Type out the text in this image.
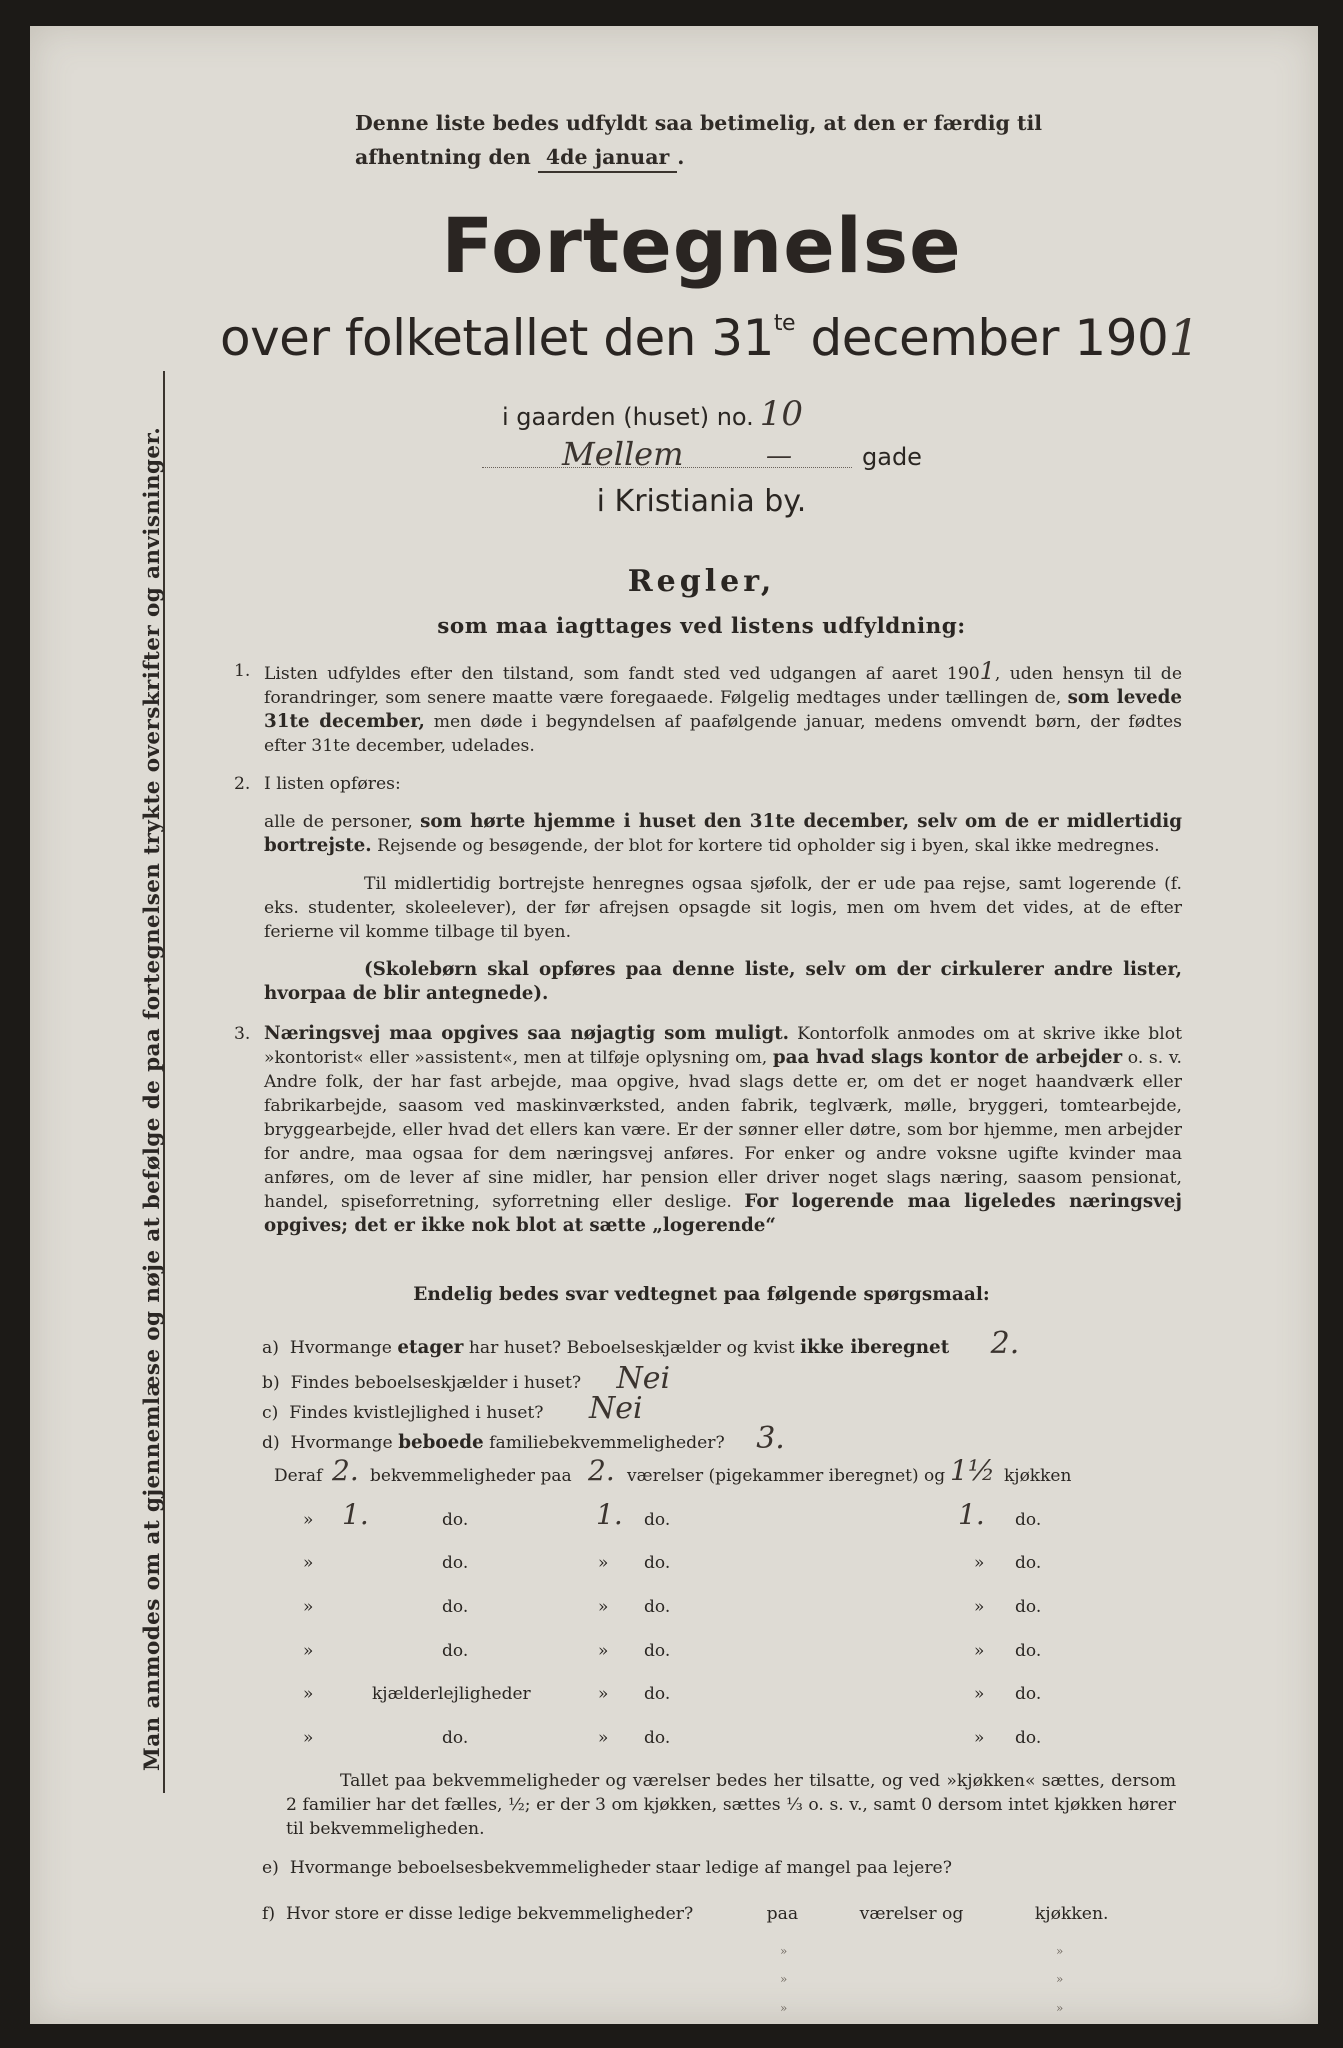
Man anmodes om at gjennemlæse og nøje at befølge de paa fortegnelsen trykte overskrifter og anvisninger.
Denne liste bedes udfyldt saa betimelig, at den er færdig til
afhentning den 4de januar .
Fortegnelse
over folketallet den $31^{te}$ december 1901
i gaarden (huset) no. 10
Mellem	—	gade
i Kristiania by.
Regler,
som maa iagttages ved listens udfyldning:
1. Listen udfyldes efter den tilstand, som fandt sted ved udgangen af aaret 1901, uden hensyn til de forandringer, som senere maatte være foregaaede. Følgelig medtages under tællingen de, som levede 31te december, men døde i begyndelsen af paafølgende januar, medens omvendt børn, der fødtes efter 31te december, udelades.
2. I listen opføres:
alle de personer, som hørte hjemme i huset den 31te december, selv om de er midlertidig bortrejste. Rejsende og besøgende, der blot for kortere tid opholder sig i byen, skal ikke medregnes.
Til midlertidig bortrejste henregnes ogsaa sjøfolk, der er ude paa rejse, samt logerende (f. eks. studenter, skoleelever), der før afrejsen opsagde sit logis, men om hvem det vides, at de efter ferierne vil komme tilbage til byen.
(Skolebørn skal opføres paa denne liste, selv om der cirkulerer andre lister, hvorpaa de blir antegnede).
3. Næringsvej maa opgives saa nøjagtig som muligt. Kontorfolk anmodes om at skrive ikke blot »kontorist« eller »assistent«, men at tilføje oplysning om, paa hvad slags kontor de arbejder o. s. v. Andre folk, der har fast arbejde, maa opgive, hvad slags dette er, om det er noget haandværk eller fabrikarbejde, saasom ved maskinværksted, anden fabrik, teglværk, mølle, bryggeri, tomtearbejde, bryggearbejde, eller hvad det ellers kan være. Er der sønner eller døtre, som bor hjemme, men arbejder for andre, maa ogsaa for dem næringsvej anføres. For enker og andre voksne ugifte kvinder maa anføres, om de lever af sine midler, har pension eller driver noget slags næring, saasom pensionat, handel, spiseforretning, syforretning eller deslige. For logerende maa ligeledes næringsvej opgives; det er ikke nok blot at sætte „logerende“
Endelig bedes svar vedtegnet paa følgende spørgsmaal:
a) Hvormange etager har huset? Beboelseskjælder og kvist ikke iberegnet 2.
b) Findes beboelseskjælder i huset? Nei
c) Findes kvistlejlighed i huset? Nei
d) Hvormange beboede familiebekvemmeligheder? 3.
Deraf 2. bekvemmeligheder paa 2. værelser (pigekammer iberegnet) og 1½ kjøkken
» 1.	do.	1. do.	1. do.
»	do.	» do.	» do.
»	do.	» do.	» do.
»	do.	» do.	» do.
»	kjælderlejligheder	» do.	» do.
»	do.	» do.	» do.
Tallet paa bekvemmeligheder og værelser bedes her tilsatte, og ved »kjøkken« sættes, dersom 2 familier har det fælles, ½; er der 3 om kjøkken, sættes ⅓ o. s. v., samt 0 dersom intet kjøkken hører til bekvemmeligheden.
e) Hvormange beboelsesbekvemmeligheder staar ledige af mangel paa lejere?
f) Hvor store er disse ledige bekvemmeligheder?	paa	værelser og	kjøkken.
»	»
»	»
»	»
